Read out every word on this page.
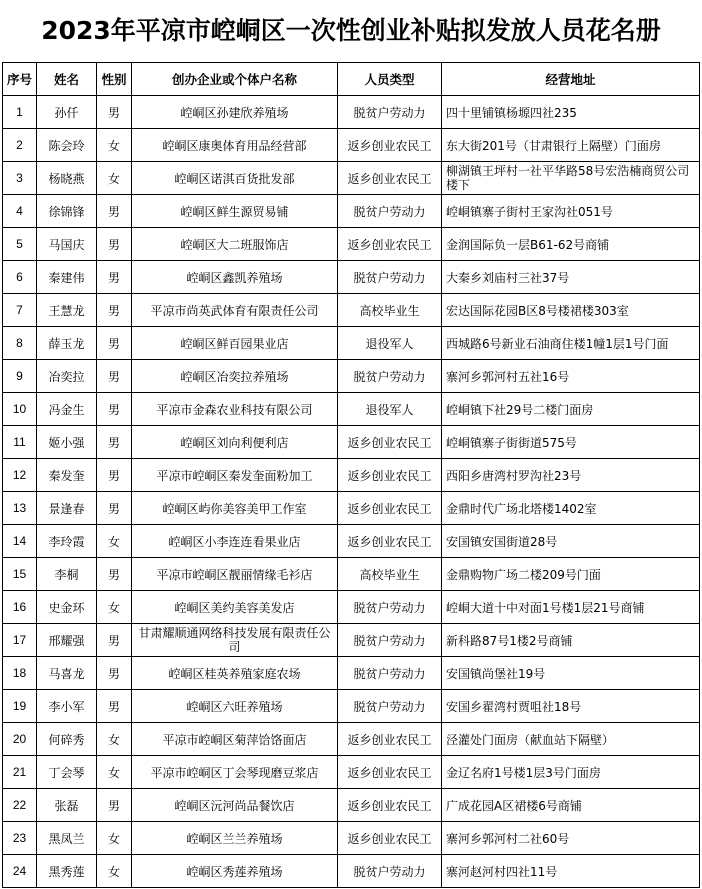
2023年平凉市崆峒区一次性创业补贴拟发放人员花名册
序号	姓名	性别	创办企业或个体户名称	人员类型	经营地址
1	孙仟	男	崆峒区孙建欣养殖场	脱贫户劳动力	四十里铺镇杨塬四社235
2	陈会玲	女	崆峒区康奥体育用品经营部	返乡创业农民工	东大街201号（甘肃银行上隔壁）门面房
3	杨晓燕	女	崆峒区诺淇百货批发部	返乡创业农民工	柳湖镇王坪村一社平华路58号宏浩楠商贸公司楼下
4	徐锦锋	男	崆峒区鲜生源贸易铺	脱贫户劳动力	崆峒镇寨子街村王家沟社051号
5	马国庆	男	崆峒区大二班服饰店	返乡创业农民工	金润国际负一层B61-62号商铺
6	秦建伟	男	崆峒区鑫凯养殖场	脱贫户劳动力	大秦乡刘庙村三社37号
7	王慧龙	男	平凉市尚英武体育有限责任公司	高校毕业生	宏达国际花园B区8号楼裙楼303室
8	薛玉龙	男	崆峒区鲜百园果业店	退役军人	西城路6号新业石油商住楼1幢1层1号门面
9	冶奕拉	男	崆峒区冶奕拉养殖场	脱贫户劳动力	寨河乡郭河村五社16号
10	冯金生	男	平凉市金森农业科技有限公司	退役军人	崆峒镇下社29号二楼门面房
11	姬小强	男	崆峒区刘向利便利店	返乡创业农民工	崆峒镇寨子街街道575号
12	秦发奎	男	平凉市崆峒区秦发奎面粉加工	返乡创业农民工	西阳乡唐湾村罗沟社23号
13	景逢春	男	崆峒区屿你美容美甲工作室	返乡创业农民工	金鼎时代广场北塔楼1402室
14	李玲霞	女	崆峒区小李连连看果业店	返乡创业农民工	安国镇安国街道28号
15	李桐	男	平凉市崆峒区靓丽情缘毛衫店	高校毕业生	金鼎购物广场二楼209号门面
16	史金环	女	崆峒区美约美容美发店	脱贫户劳动力	崆峒大道十中对面1号楼1层21号商铺
17	邢耀强	男	甘肃耀顺通网络科技发展有限责任公司	脱贫户劳动力	新科路87号1楼2号商铺
18	马喜龙	男	崆峒区桂英养殖家庭农场	脱贫户劳动力	安国镇尚堡社19号
19	李小军	男	崆峒区六旺养殖场	脱贫户劳动力	安国乡翟湾村贾咀社18号
20	何碎秀	女	平凉市崆峒区菊萍饸饹面店	返乡创业农民工	泾灌处门面房（献血站下隔壁）
21	丁会琴	女	平凉市崆峒区丁会琴现磨豆浆店	返乡创业农民工	金辽名府1号楼1层3号门面房
22	张磊	男	崆峒区沅河尚品餐饮店	返乡创业农民工	广成花园A区裙楼6号商铺
23	黑凤兰	女	崆峒区兰兰养殖场	返乡创业农民工	寨河乡郭河村二社60号
24	黑秀莲	女	崆峒区秀莲养殖场	脱贫户劳动力	寨河赵河村四社11号
